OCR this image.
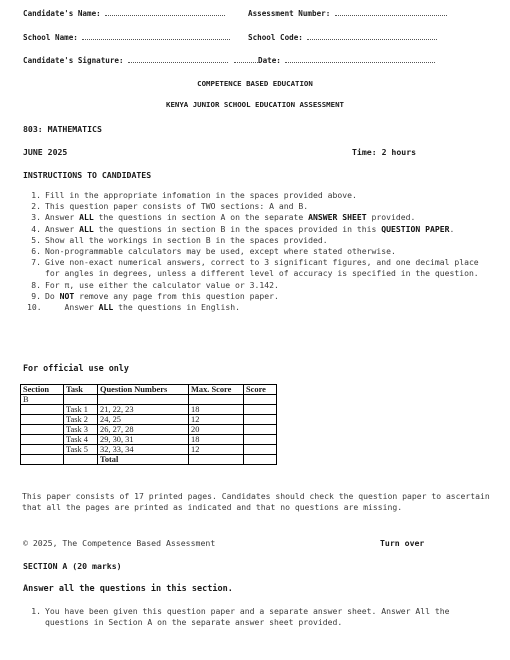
Candidate's Name:	Assessment Number:
School Name:	School Code:
Candidate's Signature:	Date:
COMPETENCE BASED EDUCATION
KENYA JUNIOR SCHOOL EDUCATION ASSESSMENT
803: MATHEMATICS
JUNE 2025	Time: 2 hours
INSTRUCTIONS TO CANDIDATES
1. Fill in the appropriate infomation in the spaces provided above.
2. This question paper consists of TWO sections: A and B.
3. Answer ALL the questions in section A on the separate ANSWER SHEET provided.
4. Answer ALL the questions in section B in the spaces provided in this QUESTION PAPER.
5. Show all the workings in section B in the spaces provided.
6. Non-programmable calculators may be used, except where stated otherwise.
7. Give non-exact numerical answers, correct to 3 significant figures, and one decimal place for angles in degrees, unless a different level of accuracy is specified in the question.
8. For π, use either the calculator value or 3.142.
9. Do NOT remove any page from this question paper.
10. Answer ALL the questions in English.
For official use only
Section	Task	Question Numbers	Max. Score	Score
B				
	Task 1	21, 22, 23	18	
	Task 2	24, 25	12	
	Task 3	26, 27, 28	20	
	Task 4	29, 30, 31	18	
	Task 5	32, 33, 34	12	
		Total		
This paper consists of 17 printed pages. Candidates should check the question paper to ascertain that all the pages are printed as indicated and that no questions are missing.
© 2025, The Competence Based Assessment	Turn over
SECTION A (20 marks)
Answer all the questions in this section.
1. You have been given this question paper and a separate answer sheet. Answer All the questions in Section A on the separate answer sheet provided.
